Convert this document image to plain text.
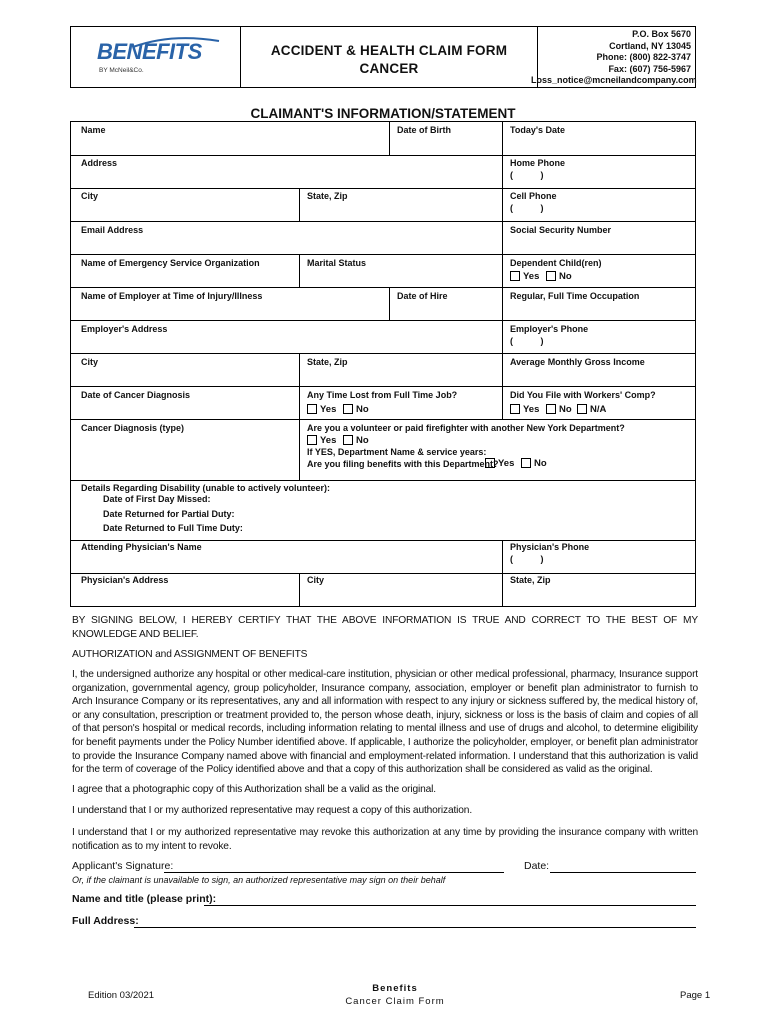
BENEFITS
BY McNeil&Co.
ACCIDENT & HEALTH CLAIM FORM
CANCER
P.O. Box 5670
Cortland, NY 13045
Phone: (800) 822-3747
Fax: (607) 756-5967
Loss_notice@mcneilandcompany.com
CLAIMANT'S INFORMATION/STATEMENT
Name	Date of Birth	Today's Date
Address	Home Phone
(           )
City	State, Zip	Cell Phone
(           )
Email Address	Social Security Number
Name of Emergency Service Organization	Marital Status	Dependent Child(ren)
Yes	No
Name of Employer at Time of Injury/Illness	Date of Hire	Regular, Full Time Occupation
Employer's Address	Employer's Phone
(           )
City	State, Zip	Average Monthly Gross Income
Date of Cancer Diagnosis	Any Time Lost from Full Time Job?
Yes	No
Did You File with Workers' Comp?
Yes	No	N/A
Cancer Diagnosis (type)	Are you a volunteer or paid firefighter with another New York Department?
Yes	No
If YES, Department Name & service years:
Are you filing benefits with this Department? Yes	No
Details Regarding Disability (unable to actively volunteer):
Date of First Day Missed:
Date Returned for Partial Duty:
Date Returned to Full Time Duty:
Attending Physician's Name	Physician's Phone
(           )
Physician's Address	City	State, Zip
BY SIGNING BELOW, I HEREBY CERTIFY THAT THE ABOVE INFORMATION IS TRUE AND CORRECT TO THE BEST OF MY KNOWLEDGE AND BELIEF.
AUTHORIZATION and ASSIGNMENT OF BENEFITS
I, the undersigned authorize any hospital or other medical-care institution, physician or other medical professional, pharmacy, Insurance support organization, governmental agency, group policyholder, Insurance company, association, employer or benefit plan administrator to furnish to Arch Insurance Company or its representatives, any and all information with respect to any injury or sickness suffered by, the medical history of, or any consultation, prescription or treatment provided to, the person whose death, injury, sickness or loss is the basis of claim and copies of all of that person's hospital or medical records, including information relating to mental illness and use of drugs and alcohol, to determine eligibility for benefit payments under the Policy Number identified above. If applicable, I authorize the policyholder, employer, or benefit plan administrator to provide the Insurance Company named above with financial and employment-related information. I understand that this authorization is valid for the term of coverage of the Policy identified above and that a copy of this authorization shall be considered as valid as the original.
I agree that a photographic copy of this Authorization shall be a valid as the original.
I understand that I or my authorized representative may request a copy of this authorization.
I understand that I or my authorized representative may revoke this authorization at any time by providing the insurance company with written notification as to my intent to revoke.
Applicant's Signature:	Date:
Or, if the claimant is unavailable to sign, an authorized representative may sign on their behalf
Name and title (please print):
Full Address:
Edition 03/2021
Benefits
Cancer Claim Form
Page 1
